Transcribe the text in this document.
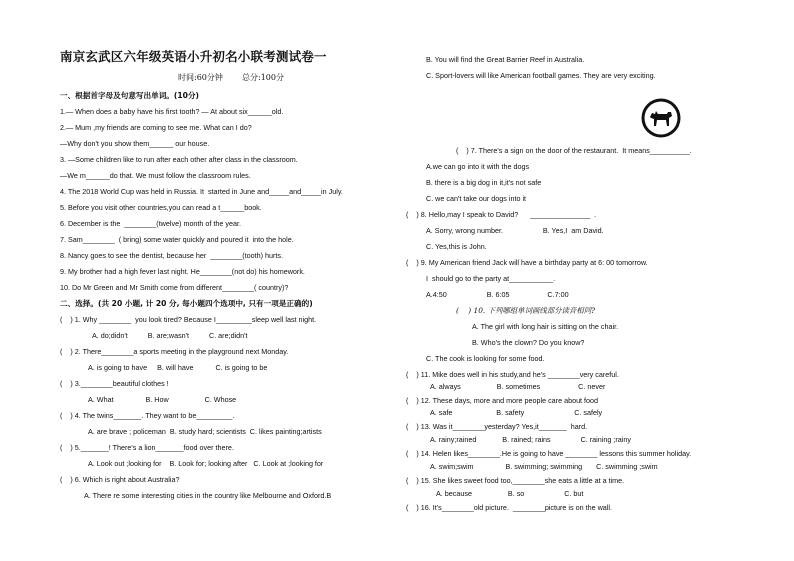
南京玄武区六年级英语小升初名小联考测试卷一
时间:60分钟 总分:100分
一、根据首字母及句意写出单词。(10分)
1.— When does a baby have his first tooth? — At about six______old.
2.— Mum ,my friends are coming to see me. What can I do?
—Why don't you show them______ our house.
3. —Some children like to run after each other after class in the classroom.
—We m______do that. We must follow the classroom rules.
4. The 2018 World Cup was held in Russia. It  started in June and_____and_____in July.
5. Before you visit other countries,you can read a t______book.
6. December is the  ________(twelve) month of the year.
7. Sam________  ( bring) some water quickly and poured it  into the hole.
8. Nancy goes to see the dentist, because her  ________(tooth) hurts.
9. My brother had a high fever last night. He________(not do) his homework.
10. Do Mr Green and Mr Smith come from different________( country)?
二、选择。(共 20 小题, 计 20 分, 每小题四个选项中, 只有一项是正确的)
(    ) 1. Why ________  you look tired? Because I_________sleep well last night.
A. do;didn't          B. are;wasn't          C. are;didn't
(    ) 2. There________a sports meeting in the playground next Monday.
A. is going to have     B. will have           C. is going to be
(    ) 3.________beautiful clothes !
A. What                B. How                  C. Whose
(    ) 4. The twins_______. They want to be_________.
A. are brave ; policeman  B. study hard; scientists  C. likes painting;artists
(    ) 5._______! There's a lion_______food over there.
A. Look out ;looking for    B. Look for; looking after   C. Look at ;looking for
(    ) 6. Which is right about Australia?
A. There re some interesting cities in the country like Melbourne and Oxford.B
B. You will find the Great Barrier Reef in Australia.
C. Sport-lovers will like American football games. They are very exciting.
(    ) 7. There's a sign on the door of the restaurant.  It means__________.
A.we can go into it with the dogs
B. there is a big dog in it,it's not safe
C. we can't take our dogs into it
(    ) 8. Hello,may I speak to David?      _______________  .
A. Sorry, wrong number.                    B. Yes,I  am David.
C. Yes,this is John.
(    ) 9. My American friend Jack will have a birthday party at 6: 00 tomorrow.
I  should go to the party at___________.
A.4:50                    B. 6:05                   C.7:00
(    ) 10. 下列哪组单词画线部分读音相同?
A. The girl with long hair is sitting on the chair.
B. Who's the clown? Do you know?
C. The cook is looking for some food.
(    ) 11. Mike does well in his study,and he's ________very careful.
A. always                  B. sometimes                   C. never
(    ) 12. These days, more and more people care about food
A. safe                      B. safety                         C. safely
(    ) 13. Was it________yesterday? Yes,it_______  hard.
A. rainy;rained             B. rained; rains               C. raining ;rainy
(    ) 14. Helen likes________.He is going to have ________ lessons this summer holiday.
A. swim;swim                B. swimming; swimming       C. swimming ;swim
(    ) 15. She likes sweet food too,________she eats a little at a time.
A. because                  B. so                    C. but
(    ) 16. It's________old picture.  ________picture is on the wall.
